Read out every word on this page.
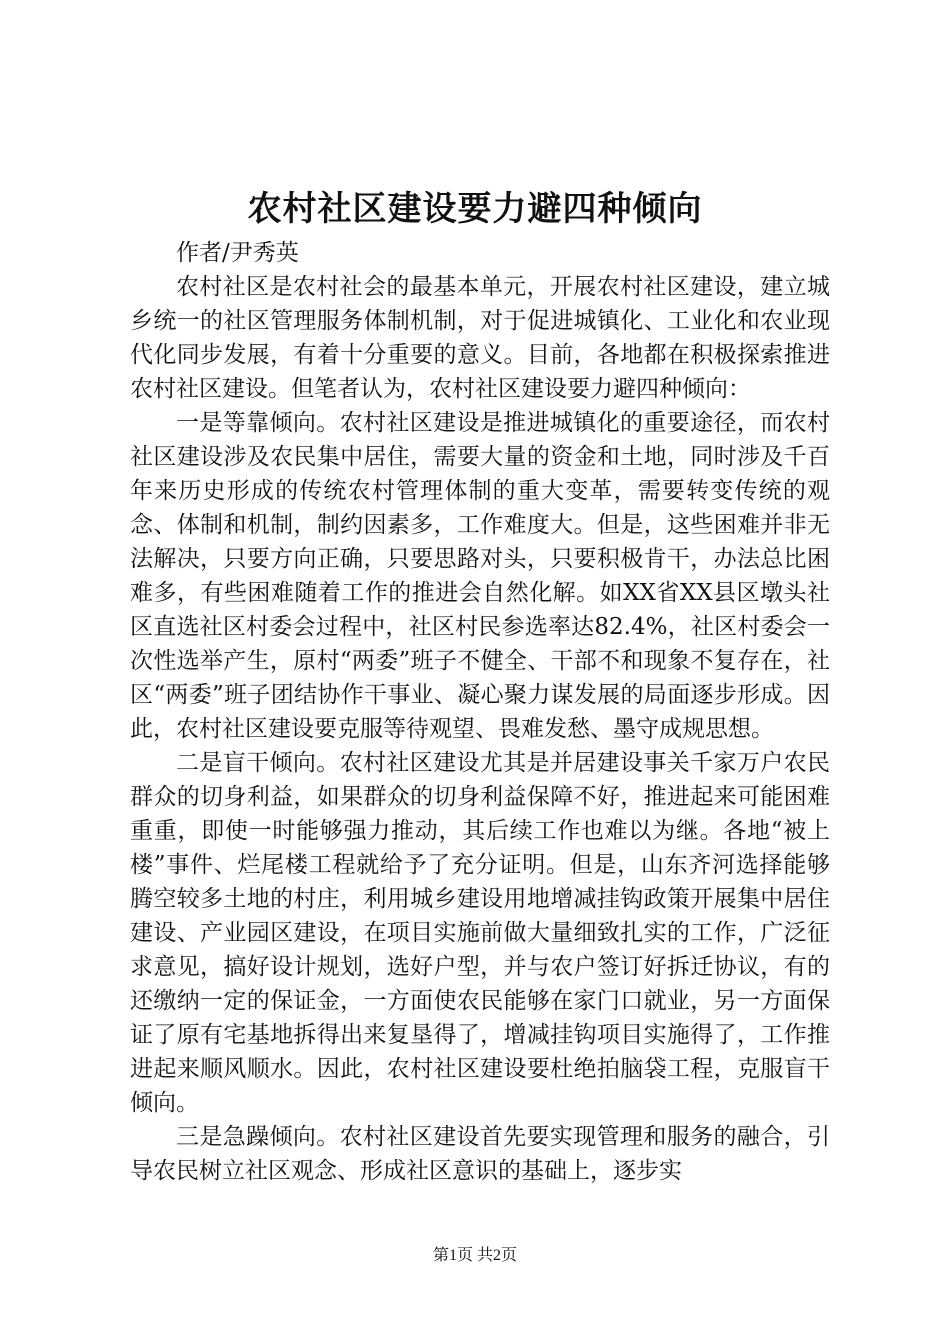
农村社区建设要力避四种倾向

作者/尹秀英

农村社区是农村社会的最基本单元，开展农村社区建设，建立城乡统一的社区管理服务体制机制，对于促进城镇化、工业化和农业现代化同步发展，有着十分重要的意义。目前，各地都在积极探索推进农村社区建设。但笔者认为，农村社区建设要力避四种倾向：

一是等靠倾向。农村社区建设是推进城镇化的重要途径，而农村社区建设涉及农民集中居住，需要大量的资金和土地，同时涉及千百年来历史形成的传统农村管理体制的重大变革，需要转变传统的观念、体制和机制，制约因素多，工作难度大。但是，这些困难并非无法解决，只要方向正确，只要思路对头，只要积极肯干，办法总比困难多，有些困难随着工作的推进会自然化解。如XX省XX县区墩头社区直选社区村委会过程中，社区村民参选率达82.4%，社区村委会一次性选举产生，原村“两委”班子不健全、干部不和现象不复存在，社区“两委”班子团结协作干事业、凝心聚力谋发展的局面逐步形成。因此，农村社区建设要克服等待观望、畏难发愁、墨守成规思想。

二是盲干倾向。农村社区建设尤其是并居建设事关千家万户农民群众的切身利益，如果群众的切身利益保障不好，推进起来可能困难重重，即使一时能够强力推动，其后续工作也难以为继。各地“被上楼”事件、烂尾楼工程就给予了充分证明。但是，山东齐河选择能够腾空较多土地的村庄，利用城乡建设用地增减挂钩政策开展集中居住建设、产业园区建设，在项目实施前做大量细致扎实的工作，广泛征求意见，搞好设计规划，选好户型，并与农户签订好拆迁协议，有的还缴纳一定的保证金，一方面使农民能够在家门口就业，另一方面保证了原有宅基地拆得出来复垦得了，增减挂钩项目实施得了，工作推进起来顺风顺水。因此，农村社区建设要杜绝拍脑袋工程，克服盲干倾向。

三是急躁倾向。农村社区建设首先要实现管理和服务的融合，引导农民树立社区观念、形成社区意识的基础上，逐步实

第1页 共2页
